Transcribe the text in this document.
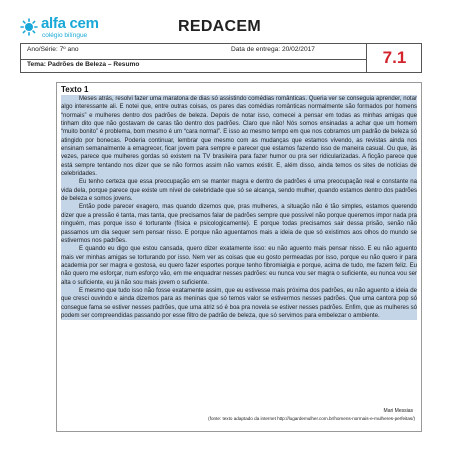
alfa cem
colégio bilíngue
REDACEM
Ano/Série: 7º ano	Data de entrega: 20/02/2017
Tema: Padrões de Beleza – Resumo	7.1
Texto 1

Meses atrás, resolvi fazer uma maratona de dias só assistindo comédias românticas. Queria ver se conseguia aprender, notar algo interessante ali. E notei que, entre outras coisas, os pares das comédias românticas normalmente são formados por homens “normais” e mulheres dentro dos padrões de beleza. Depois de notar isso, comecei a pensar em todas as minhas amigas que tinham dito que não gostavam de caras tão dentro dos padrões. Claro que não! Nós somos ensinadas a achar que um homem “muito bonito” é problema, bom mesmo é um “cara normal”. E isso ao mesmo tempo em que nos cobramos um padrão de beleza só atingido por bonecas. Poderia continuar, lembrar que mesmo com as mudanças que estamos vivendo, as revistas ainda nos ensinam semanalmente a emagrecer, ficar jovem para sempre e parecer que estamos fazendo isso de maneira casual. Ou que, às vezes, parece que mulheres gordas só existem na TV brasileira para fazer humor ou pra ser ridicularizadas. A ficção parece que está sempre tentando nos dizer que se não formos assim não vamos existir. E, além disso, ainda temos os sites de notícias de celebridades.

Eu tenho certeza que essa preocupação em se manter magra e dentro de padrões é uma preocupação real e constante na vida dela, porque parece que existe um nível de celebridade que só se alcança, sendo mulher, quando estamos dentro dos padrões de beleza e somos jovens.

Então pode parecer exagero, mas quando dizemos que, pras mulheres, a situação não é tão simples, estamos querendo dizer que a pressão é tanta, mas tanta, que precisamos falar de padrões sempre que possível não porque queremos impor nada pra ninguém, mas porque isso é torturante (física e psicologicamente). E porque todas precisamos sair dessa prisão, senão não passamos um dia sequer sem pensar nisso. E porque não aguentamos mais a ideia de que só existimos aos olhos do mundo se estivermos nos padrões.

E quando eu digo que estou cansada, quero dizer exatamente isso: eu não aguento mais pensar nisso. E eu não aguento mais ver minhas amigas se torturando por isso. Nem ver as coisas que eu gosto permeadas por isso, porque eu não quero ir para academia por ser magra e gostosa, eu quero fazer esportes porque tenho fibromialgia e porque, acima de tudo, me fazem feliz. Eu não quero me esforçar, num esforço vão, em me enquadrar nesses padrões: eu nunca vou ser magra o suficiente, eu nunca vou ser alta o suficiente, eu já não sou mais jovem o suficiente.

E mesmo que tudo isso não fosse exatamente assim, que eu estivesse mais próxima dos padrões, eu não aguento a ideia de que cresci ouvindo e ainda dizemos para as meninas que só temos valor se estivermos nesses padrões. Que uma cantora pop só consegue fama se estiver nesses padrões, que uma atriz só é boa pra novela se estiver nesses padrões. Enfim, que as mulheres só podem ser compreendidas passando por esse filtro de padrão de beleza, que só servimos para embelezar o ambiente.

Mari Messias
(fonte: texto adaptado da internet http://lugardemulher.com.br/homens-normais-e-mulheres-perfeitas/)
